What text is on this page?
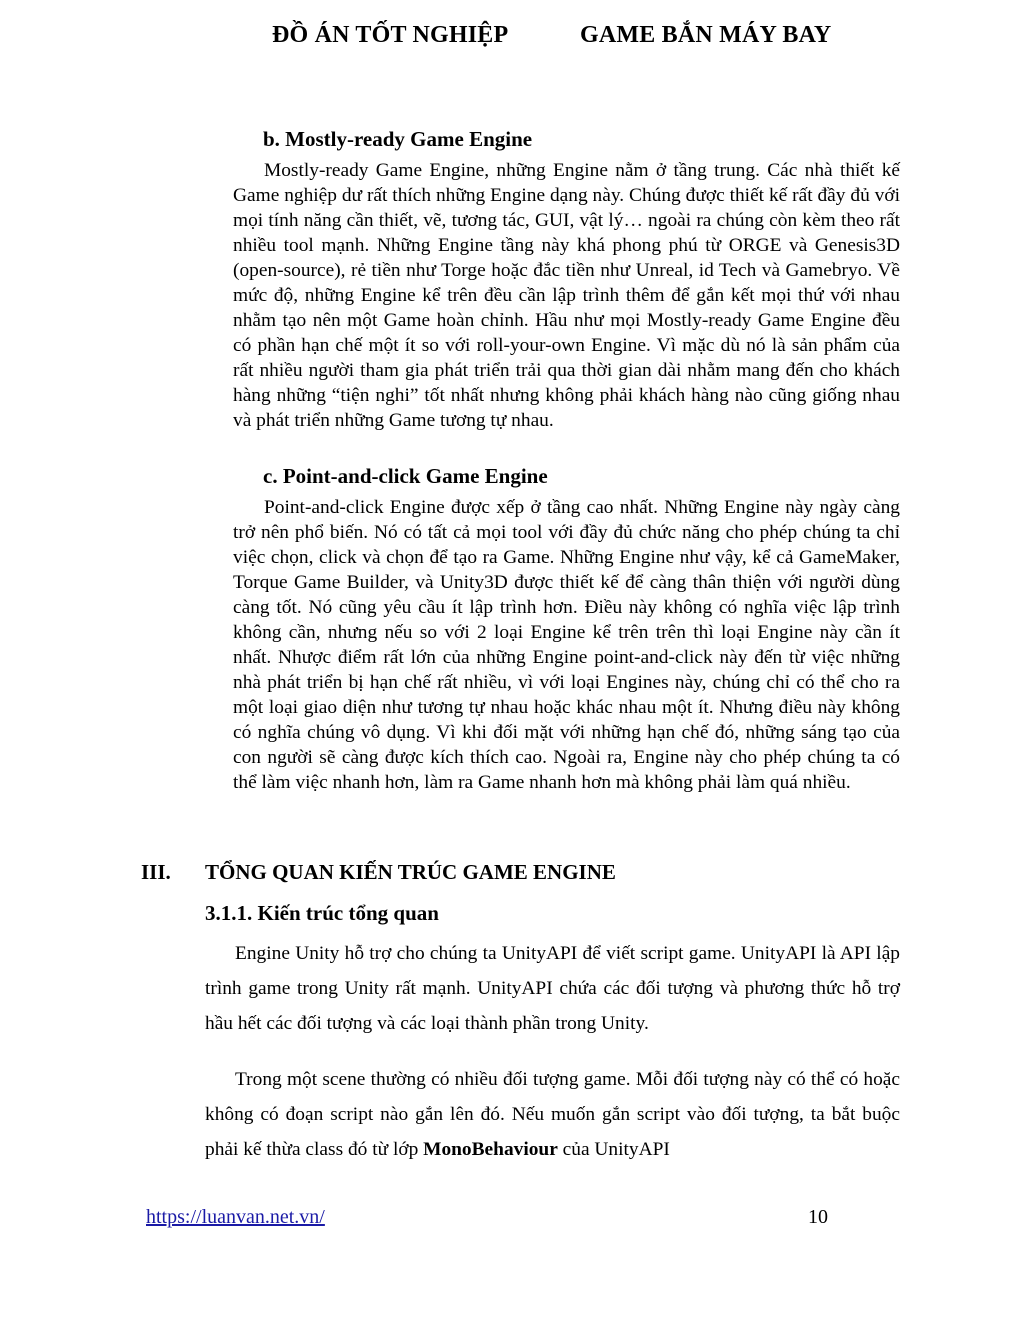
ĐỒ ÁN TỐT NGHIỆP	GAME BẮN MÁY BAY
b. Mostly-ready Game Engine

Mostly-ready Game Engine, những Engine nằm ở tầng trung. Các nhà thiết kế Game nghiệp dư rất thích những Engine dạng này. Chúng được thiết kế rất đầy đủ với mọi tính năng cần thiết, vẽ, tương tác, GUI, vật lý… ngoài ra chúng còn kèm theo rất nhiều tool mạnh. Những Engine tầng này khá phong phú từ ORGE và Genesis3D (open-source), rẻ tiền như Torge hoặc đắc tiền như Unreal, id Tech và Gamebryo. Về mức độ, những Engine kể trên đều cần lập trình thêm để gắn kết mọi thứ với nhau nhằm tạo nên một Game hoàn chỉnh. Hầu như mọi Mostly-ready Game Engine đều có phần hạn chế một ít so với roll-your-own Engine. Vì mặc dù nó là sản phẩm của rất nhiều người tham gia phát triển trải qua thời gian dài nhằm mang đến cho khách hàng những “tiện nghi” tốt nhất nhưng không phải khách hàng nào cũng giống nhau và phát triển những Game tương tự nhau.

c. Point-and-click Game Engine

Point-and-click Engine được xếp ở tầng cao nhất. Những Engine này ngày càng trở nên phổ biến. Nó có tất cả mọi tool với đầy đủ chức năng cho phép chúng ta chỉ việc chọn, click và chọn để tạo ra Game. Những Engine như vậy, kể cả GameMaker, Torque Game Builder, và Unity3D được thiết kế để càng thân thiện với người dùng càng tốt. Nó cũng yêu cầu ít lập trình hơn. Điều này không có nghĩa việc lập trình không cần, nhưng nếu so với 2 loại Engine kể trên trên thì loại Engine này cần ít nhất. Nhược điểm rất lớn của những Engine point-and-click này đến từ việc những nhà phát triển bị hạn chế rất nhiều, vì với loại Engines này, chúng chỉ có thể cho ra một loại giao diện như tương tự nhau hoặc khác nhau một ít. Nhưng điều này không có nghĩa chúng vô dụng. Vì khi đối mặt với những hạn chế đó, những sáng tạo của con người sẽ càng được kích thích cao. Ngoài ra, Engine này cho phép chúng ta có thể làm việc nhanh hơn, làm ra Game nhanh hơn mà không phải làm quá nhiều.

III. TỔNG QUAN KIẾN TRÚC GAME ENGINE
3.1.1. Kiến trúc tổng quan

Engine Unity hỗ trợ cho chúng ta UnityAPI để viết script game. UnityAPI là API lập trình game trong Unity rất mạnh. UnityAPI chứa các đối tượng và phương thức hỗ trợ hầu hết các đối tượng và các loại thành phần trong Unity.

Trong một scene thường có nhiều đối tượng game. Mỗi đối tượng này có thể có hoặc không có đoạn script nào gắn lên đó. Nếu muốn gắn script vào đối tượng, ta bắt buộc phải kế thừa class đó từ lớp MonoBehaviour của UnityAPI

https://luanvan.net.vn/	10
